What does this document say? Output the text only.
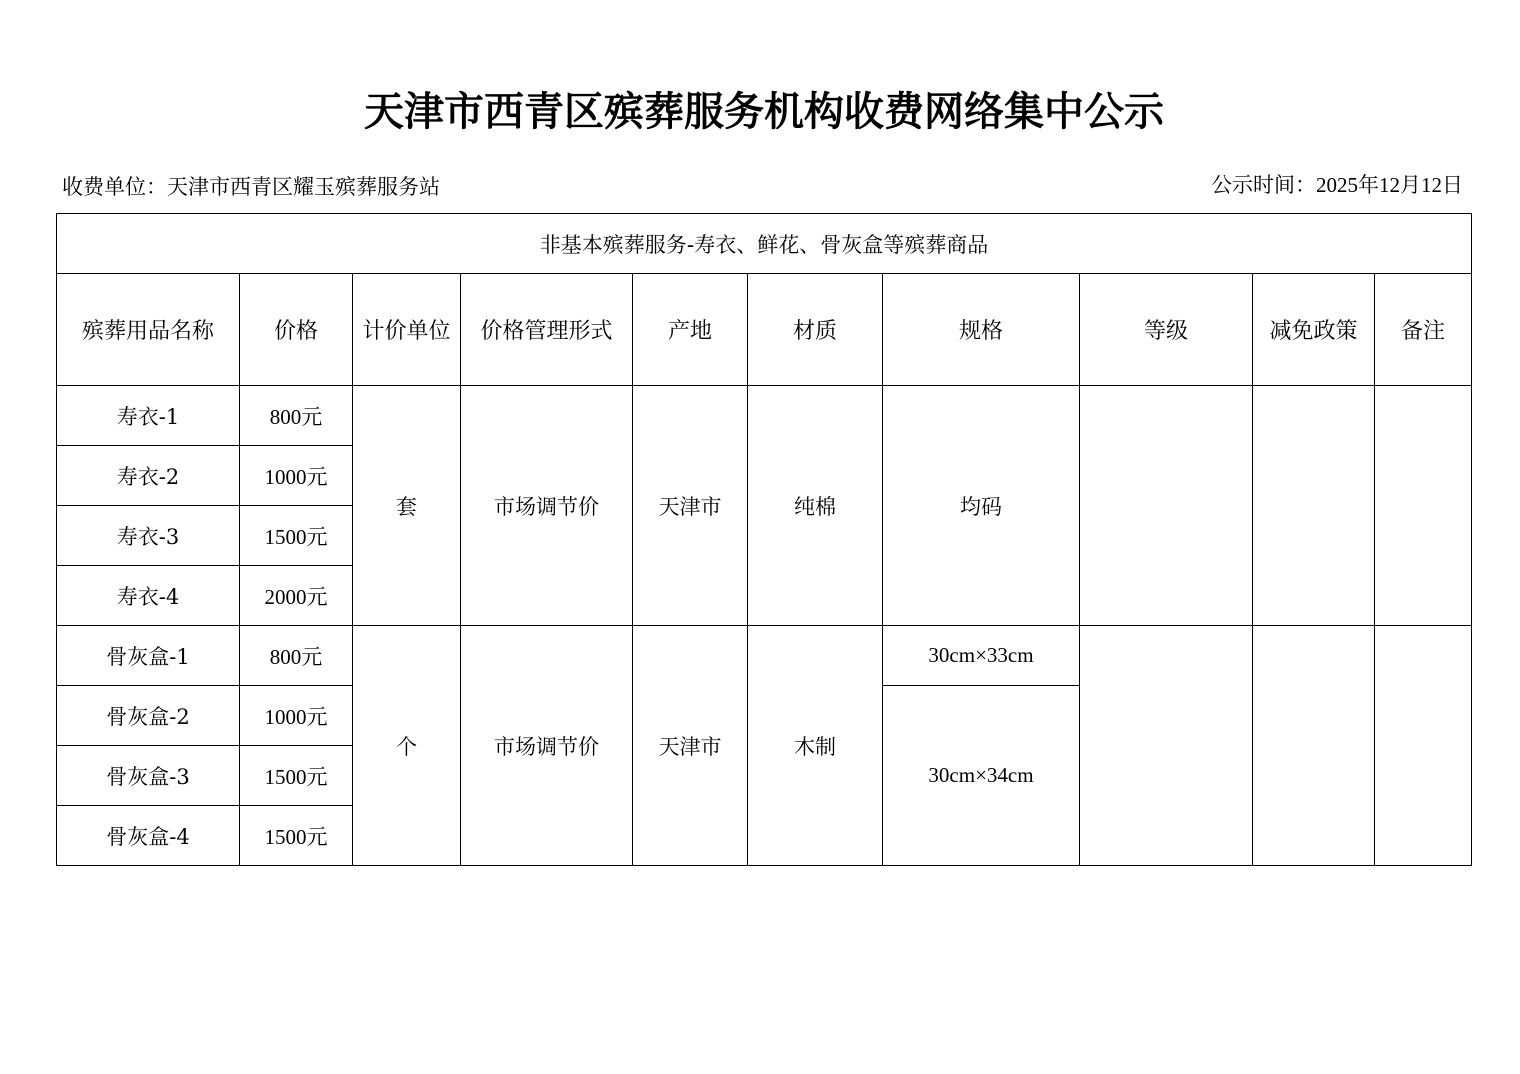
天津市西青区殡葬服务机构收费网络集中公示
收费单位：天津市西青区耀玉殡葬服务站	公示时间：2025年12月12日
非基本殡葬服务-寿衣、鲜花、骨灰盒等殡葬商品									
殡葬用品名称	价格	计价单位	价格管理形式	产地	材质	规格	等级	减免政策	备注
寿衣-1	800元	套	市场调节价	天津市	纯棉	均码			
寿衣-2	1000元								
寿衣-3	1500元								
寿衣-4	2000元								
骨灰盒-1	800元	个	市场调节价	天津市	木制	30cm×33cm			
骨灰盒-2	1000元					30cm×34cm			
骨灰盒-3	1500元								
骨灰盒-4	1500元								
